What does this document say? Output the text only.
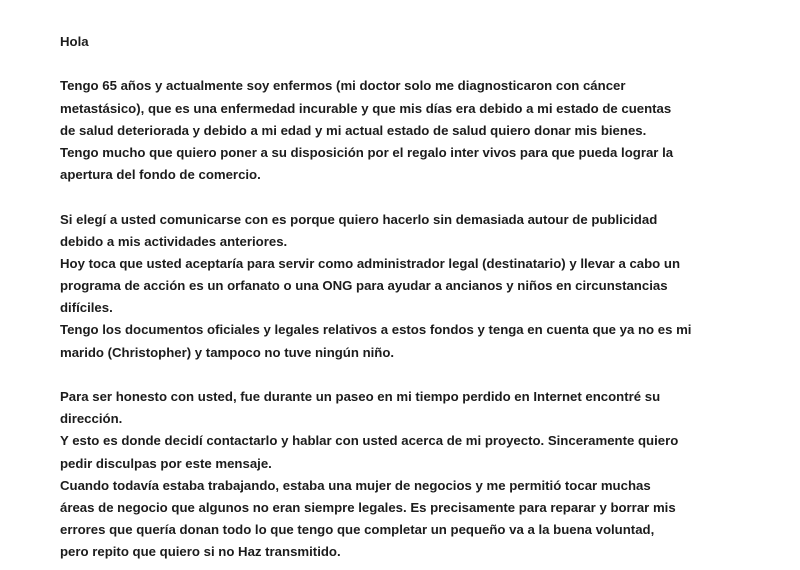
Hola
Tengo 65 años y actualmente soy enfermos (mi doctor solo me diagnosticaron con cáncer
metastásico), que es una enfermedad incurable y que mis días era debido a mi estado de cuentas
de salud deteriorada y debido a mi edad y mi actual estado de salud quiero donar mis bienes.
Tengo mucho que quiero poner a su disposición por el regalo inter vivos para que pueda lograr la
apertura del fondo de comercio.
Si elegí a usted comunicarse con es porque quiero hacerlo sin demasiada autour de publicidad
debido a mis actividades anteriores.
Hoy toca que usted aceptaría para servir como administrador legal (destinatario) y llevar a cabo un
programa de acción es un orfanato o una ONG para ayudar a ancianos y niños en circunstancias
difíciles.
Tengo los documentos oficiales y legales relativos a estos fondos y tenga en cuenta que ya no es mi
marido (Christopher) y tampoco no tuve ningún niño.
Para ser honesto con usted, fue durante un paseo en mi tiempo perdido en Internet encontré su
dirección.
Y esto es donde decidí contactarlo y hablar con usted acerca de mi proyecto. Sinceramente quiero
pedir disculpas por este mensaje.
Cuando todavía estaba trabajando, estaba una mujer de negocios y me permitió tocar muchas
áreas de negocio que algunos no eran siempre legales. Es precisamente para reparar y borrar mis
errores que quería donan todo lo que tengo que completar un pequeño va a la buena voluntad,
pero repito que quiero si no Haz transmitido.
